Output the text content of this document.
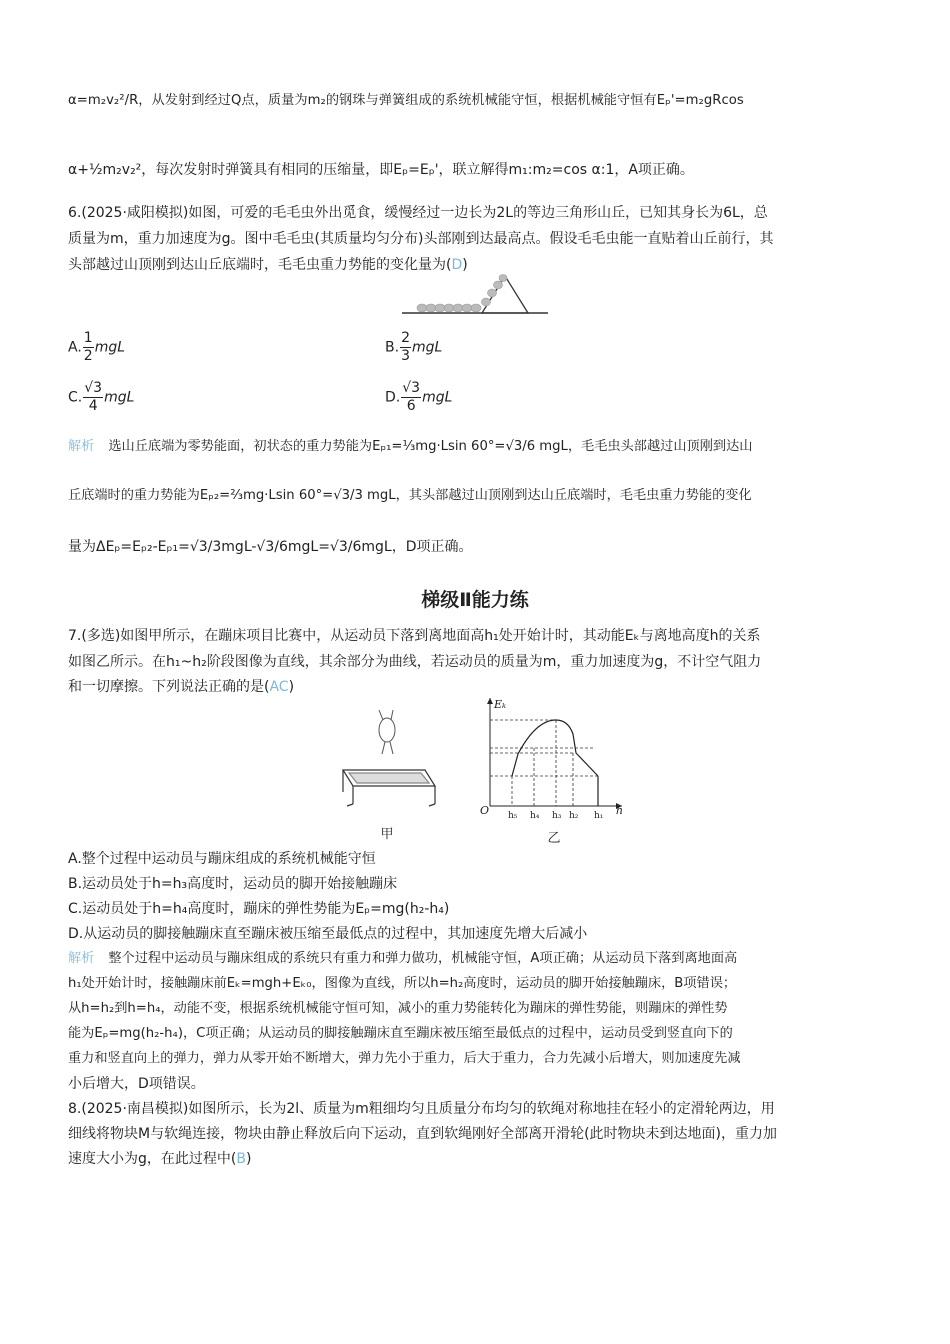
α=m₂v₂²/R，从发射到经过Q点，质量为m₂的钢珠与弹簧组成的系统机械能守恒，根据机械能守恒有Eₚ'=m₂gRcos
α+½m₂v₂²，每次发射时弹簧具有相同的压缩量，即Eₚ=Eₚ'，联立解得m₁:m₂=cos α:1，A项正确。
6.(2025·咸阳模拟)如图，可爱的毛毛虫外出觅食，缓慢经过一边长为2L的等边三角形山丘，已知其身长为6L，总
质量为m，重力加速度为g。图中毛毛虫(其质量均匀分布)头部刚到达最高点。假设毛毛虫能一直贴着山丘前行，其
头部越过山顶刚到达山丘底端时，毛毛虫重力势能的变化量为(D)
A. $\frac{1}{2}$ mgL	B. $\frac{2}{3}$ mgL
C. $\frac{√3}{4}$ mgL	D. $\frac{√3}{6}$ mgL
解析 选山丘底端为零势能面，初状态的重力势能为Eₚ₁=⅓mg·Lsin 60°=√3/6 mgL，毛毛虫头部越过山顶刚到达山
丘底端时的重力势能为Eₚ₂=⅔mg·Lsin 60°=√3/3 mgL，其头部越过山顶刚到达山丘底端时，毛毛虫重力势能的变化
量为ΔEₚ=Eₚ₂-Eₚ₁=√3/3mgL-√3/6mgL=√3/6mgL，D项正确。
梯级Ⅱ能力练
7.(多选)如图甲所示，在蹦床项目比赛中，从运动员下落到离地面高h₁处开始计时，其动能Eₖ与离地高度h的关系
如图乙所示。在h₁~h₂阶段图像为直线，其余部分为曲线，若运动员的质量为m，重力加速度为g，不计空气阻力
和一切摩擦。下列说法正确的是(AC)
甲
Eₖ
h
O h₅ h₄ h₃ h₂ h₁
乙
A.整个过程中运动员与蹦床组成的系统机械能守恒
B.运动员处于h=h₃高度时，运动员的脚开始接触蹦床
C.运动员处于h=h₄高度时，蹦床的弹性势能为Eₚ=mg(h₂-h₄)
D.从运动员的脚接触蹦床直至蹦床被压缩至最低点的过程中，其加速度先增大后减小
解析 整个过程中运动员与蹦床组成的系统只有重力和弹力做功，机械能守恒，A项正确；从运动员下落到离地面高
h₁处开始计时，接触蹦床前Eₖ=mgh+Eₖ₀，图像为直线，所以h=h₂高度时，运动员的脚开始接触蹦床，B项错误；
从h=h₂到h=h₄，动能不变，根据系统机械能守恒可知，减小的重力势能转化为蹦床的弹性势能，则蹦床的弹性势
能为Eₚ=mg(h₂-h₄)，C项正确；从运动员的脚接触蹦床直至蹦床被压缩至最低点的过程中，运动员受到竖直向下的
重力和竖直向上的弹力，弹力从零开始不断增大，弹力先小于重力，后大于重力，合力先减小后增大，则加速度先减
小后增大，D项错误。
8.(2025·南昌模拟)如图所示，长为2l、质量为m粗细均匀且质量分布均匀的软绳对称地挂在轻小的定滑轮两边，用
细线将物块M与软绳连接，物块由静止释放后向下运动，直到软绳刚好全部离开滑轮(此时物块未到达地面)，重力加
速度大小为g，在此过程中(B)
